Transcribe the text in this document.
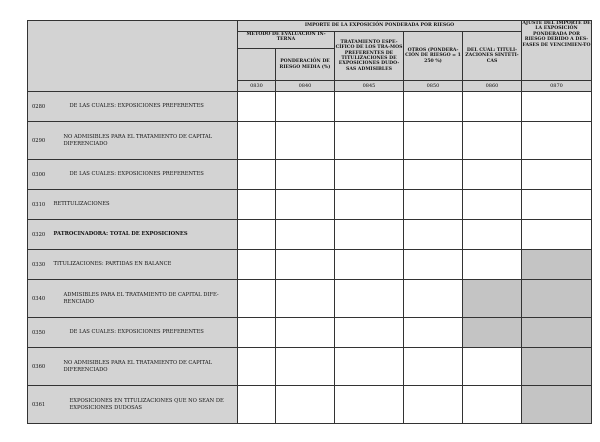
		IMPORTE DE LA EXPOSICIÓN PONDERADA POR RIESGO					AJUSTE DEL IMPORTE DE LA EXPOSICIÓN PONDERADA POR RIESGO DEBIDO A DES-FASES DE VENCIMIEN-TO
		MÉTODO DE EVALUACIÓN IN-TERNA		TRATAMIENTO ESPE-CÍFICO DE LOS TRA-MOS PREFERENTES DE TITULIZACIONES DE EXPOSICIONES DUDO-SAS ADMISIBLES	OTROS (PONDERA-CIÓN DE RIESGO = 1 250 %)	DEL CUAL: TITULI-ZACIONES SINTÉTI-CAS	
			PONDERACIÓN DE RIESGO MEDIA (%)				
		0830	0840	0845	0850	0860	0870
0280	DE LAS CUALES: EXPOSICIONES PREFERENTES						
0290	NO ADMISIBLES PARA EL TRATAMIENTO DE CAPITAL DIFERENCIADO						
0300	DE LAS CUALES: EXPOSICIONES PREFERENTES						
0310	RETITULIZACIONES						
0320	PATROCINADORA: TOTAL DE EXPOSICIONES						
0330	TITULIZACIONES: PARTIDAS EN BALANCE						
0340	ADMISIBLES PARA EL TRATAMIENTO DE CAPITAL DIFE-RENCIADO						
0350	DE LAS CUALES: EXPOSICIONES PREFERENTES						
0360	NO ADMISIBLES PARA EL TRATAMIENTO DE CAPITAL DIFERENCIADO						
0361	EXPOSICIONES EN TITULIZACIONES QUE NO SEAN DE EXPOSICIONES DUDOSAS						
